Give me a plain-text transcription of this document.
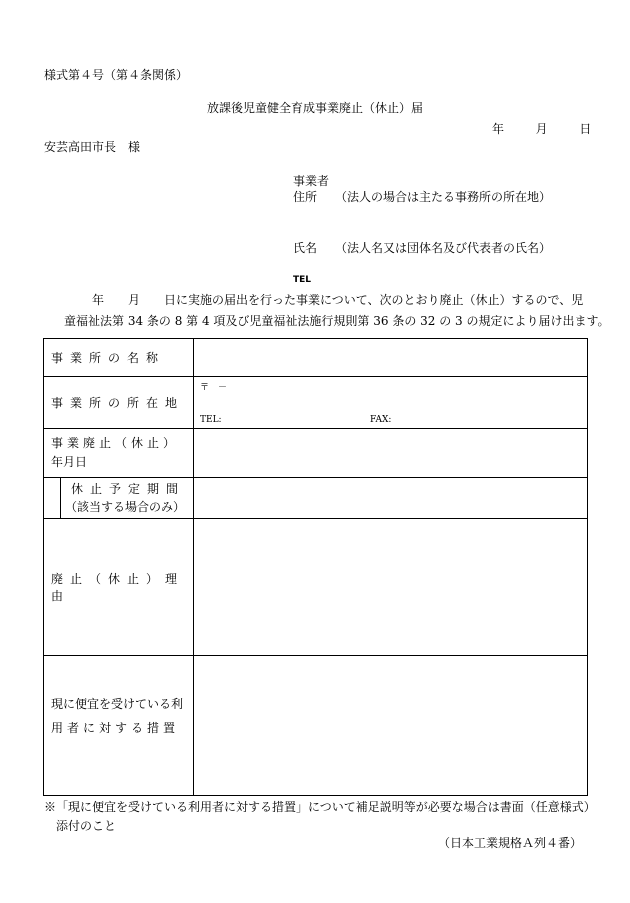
様式第４号（第４条関係）
放課後児童健全育成事業廃止（休止）届
年	月	日
安芸高田市長　様
事業者
住所 （法人の場合は主たる事務所の所在地）
氏名 （法人名又は団体名及び代表者の氏名）
TEL
年　　月　　日に実施の届出を行った事業について、次のとおり廃止（休止）するので、児
童福祉法第 34 条の 8 第 4 項及び児童福祉法施行規則第 36 条の 32 の 3 の規定により届け出ます。
事業所の名称	
事業所の所在地	〒　－
TEL: FAX:

事業廃止（休止）
年月日	

休止予定期間
（該当する場合のみ）	

廃止（休止）理由	

現に便宜を受けている利
用者に対する措置	

※「現に便宜を受けている利用者に対する措置」について補足説明等が必要な場合は書面（任意様式）
添付のこと
（日本工業規格Ａ列４番）
